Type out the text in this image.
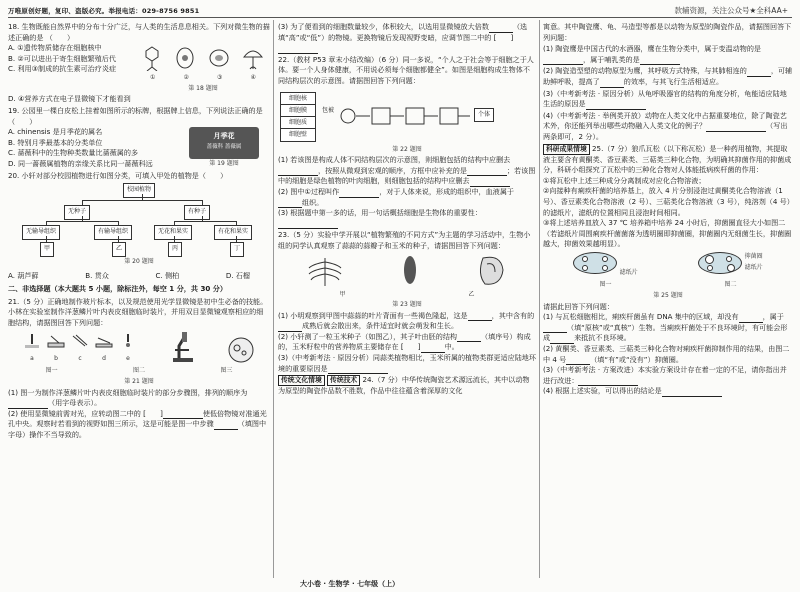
万唯原创好题，复印、盗版必究。举报电话：029-8756 9851	款辅资源，关注公众号★全科AA+
18. 生物既能自然界中的分布十分广泛，与人类的生活息息相关。下列对微生物的描述正确的是 （　　）
A. ①遗传物质储存在细胞核中
B. ②可以进出于寄生细胞繁殖后代
C. 利用③制成的抗生素可治疗炎症
①	②	③	④
第 18 题图
D. ④营养方式在电子显微镜下才能看到
19. 公园里一棵白皮松上挂着如图所示的标牌，根据牌上信息，下列说法正确的是 （　　）
A. chinensis 是月季花的属名
B. 特别月季最基本的分类单位
C. 蔷薇科中的生物种类数量比蔷薇属的多
D. 同一蔷薇属植物的亲缘关系比同一蔷薇科远
月季花
蔷薇科 蔷薇属
第 19 题图
20. 小轩对部分校园植物进行如图分类，可填入甲处的植物是（　　）
校园植物
无种子	有种子
无输导组织	有输导组织	无花和果实	有花和果实
甲	乙	丙	丁
第 20 题图
A. 葫芦藓	B. 贯众	C. 侧柏	D. 石榴
二、非选择题（本大题共 5 小题，除标注外，每空 1 分，共 30 分）
21.（5 分）正确地制作玻片标本，以及规范使用光学显微镜是初中生必备的技能。小林在实验室制作洋葱鳞片叶内表皮细胞临时装片，并用双目显微镜观察相应的细胞结构，请据图回答下列问题：
a	b	c	d	e
图一	图二	图三
第 21 题图
(1) 图一为制作洋葱鳞片叶内表皮细胞临时装片的部分步骤图，排列的顺序为（用字母表示）。
(2) 使用显微镜前需对光，应转动图二中的 [　　]	使低倍物镜对准通光孔中央。观察时若看到的视野如图三所示，这是可能是图一中步骤	（填图中字母）操作不当导致的。
(3) 为了便看到的细胞数量较少，体积较大，以选用显微镜放大倍数	（选填“高”或“低”）的物镜。更换物镜后发现视野变暗，应调节图二中的 [　　]
22.（教材 P53 章末小结改编）（6 分）同一多说，“个人之于社会等于细胞之于人体。要一个人身体健康，不用说必须每个细胞都健全”。如图是细胞构成生物体不同结构层次的示意图。请据图回答下列问题：
细胞核
细胞膜
细胞质
细胞壁
包被
个体
第 22 题图
(1) 若该图是构成人体不同结构层次的示意图，则细胞包括的结构中应删去，按照从微观到宏观的顺序，方框中应补充的是	；若该图中的细胞是绿色植物的叶肉细胞，则细胞包括的结构中应删去
(2) 图中①过程叫作	，对于人体来说，形成的组织中，血液属于组织。
(3) 根据题中第一多的话，用一句话概括细胞是生物体的重要性：
23.（5 分）实验中学开展以“植物繁殖的不同方式”为主题的学习活动中，生物小组的同学认真观察了蒜蒜的蒜瓣子和玉米的种子，请据图回答下列问题：
甲	乙
第 23 题图
(1) 小明观察到甲图中蒜蒜的叶片背面有一些褐色隆起，这是	，其中含有的成熟后就会散出来，条件适宜时就会萌发和生长。
(2) 小轩测了一粒玉米种子（如图乙），其子叶由胚的结构	（填序号）构成的，玉米籽粒中的营养物质主要储存在 [　　]	中。
(3)（中考新考法 · 原因分析）同蒜类植物相比，玉米所属的植物类群更适应陆地环境的重要原因是
传统文化情境 传统技术 24.（7 分）中华传统陶瓷艺术源远流长，其中以动物为原型的陶瓷作品数不胜数，作品中往往蕴含着深厚的文化
寓意。其中陶瓷鹰、龟、马造型等都是以动物为原型的陶瓷作品，请据图回答下列问题：
(1) 陶瓷鹰是中国古代的水酒器，鹰在生物分类中，属于变温动物的是，属于哺乳类的是
(2) 陶瓷造型塑的动物原型为鹰，其呼吸方式特殊，与其肺相连的	，可辅助鲜呼吸，提高了	的效率，与其飞行生活相适应。
(3)（中考新考法 · 原因分析）从龟呼吸器官的结构的角度分析，龟能适应陆地生活的原因是
(4)（中考新考法 · 举例类开放）动物在人类文化中占据重要地位，除了陶瓷艺术外，你还能列举出哪些动物融入人类文化的例子？	（写出两条即可，2 分）。
科研成果情境 25.（7 分）狼爪瓦松（以下称瓦松）是一种药用植物，其提取液主要含有黄酮类、香豆素类、三萜类三种化合物，为明确其抑菌作用的抑菌成分，科研小组探究了瓦松中的三种化合物对人体能抵病疾杆菌的作用：
①将瓦松中上述三种成分分离制成对应化合物溶液；
②向接种有痢疾杆菌的培养基上，放入 4 片分别浸泡过黄酮类化合物溶液（1 号）、香豆素类化合物溶液（2 号）、三萜类化合物溶液（3 号），纯溶剂（4 号）的滤纸片，滤纸的位置相同且浸泡时间相同。
③将上述培养皿放入 37 ℃ 培养箱中培养 24 小时后，抑菌圈直径大小如图二（若滤纸片周围痢疾杆菌菌落为透明圈即抑菌圈，抑菌圈内无细菌生长，抑菌圈越大，抑菌效果越明显）。
滤纸片

抑菌圈
滤纸片
图一	图二
第 25 题图
请据此回答下列问题：
(1) 与瓦松细胞相比，痢疾杆菌虽有 DNA 集中的区域，却没有	，属于（填“原核”或“真核”）生物。当痢疾杆菌处于不良环境时，有可能会形成	来抵抗不良环境。
(2) 黄酮类、香豆素类、三萜类三种化合物对痢疾杆菌抑制作用的结果，由图二中 4 号	（填“有”或“没有”）抑菌圈。
(3)（中考新考法 · 方案改进）本实验方案设计存在着一定的不足，请你指出并进行改进：
(4) 根据上述实验，可以得出的结论是
大小卷 · 生物学 · 七年级（上）
